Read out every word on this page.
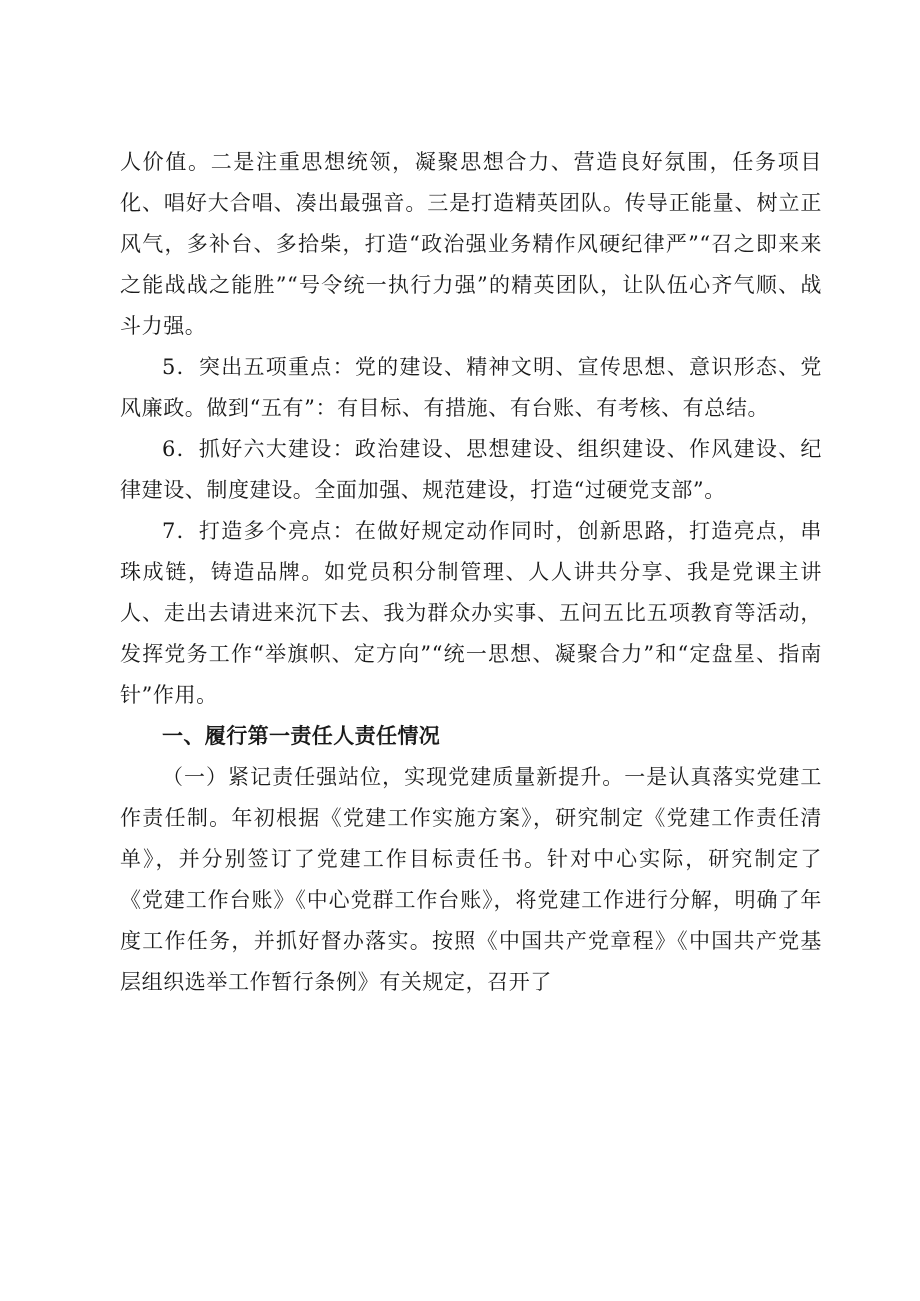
人价值。二是注重思想统领，凝聚思想合力、营造良好氛围，任务项目化、唱好大合唱、凑出最强音。三是打造精英团队。传导正能量、树立正风气，多补台、多拾柴，打造“政治强业务精作风硬纪律严”“召之即来来之能战战之能胜”“号令统一执行力强”的精英团队，让队伍心齐气顺、战斗力强。

5．突出五项重点：党的建设、精神文明、宣传思想、意识形态、党风廉政。做到“五有”：有目标、有措施、有台账、有考核、有总结。

6．抓好六大建设：政治建设、思想建设、组织建设、作风建设、纪律建设、制度建设。全面加强、规范建设，打造“过硬党支部”。

7．打造多个亮点：在做好规定动作同时，创新思路，打造亮点，串珠成链，铸造品牌。如党员积分制管理、人人讲共分享、我是党课主讲人、走出去请进来沉下去、我为群众办实事、五问五比五项教育等活动，发挥党务工作“举旗帜、定方向”“统一思想、凝聚合力”和“定盘星、指南针”作用。

一、履行第一责任人责任情况

（一）紧记责任强站位，实现党建质量新提升。一是认真落实党建工作责任制。年初根据《党建工作实施方案》，研究制定《党建工作责任清单》，并分别签订了党建工作目标责任书。针对中心实际，研究制定了《党建工作台账》《中心党群工作台账》，将党建工作进行分解，明确了年度工作任务，并抓好督办落实。按照《中国共产党章程》《中国共产党基层组织选举工作暂行条例》有关规定，召开了
